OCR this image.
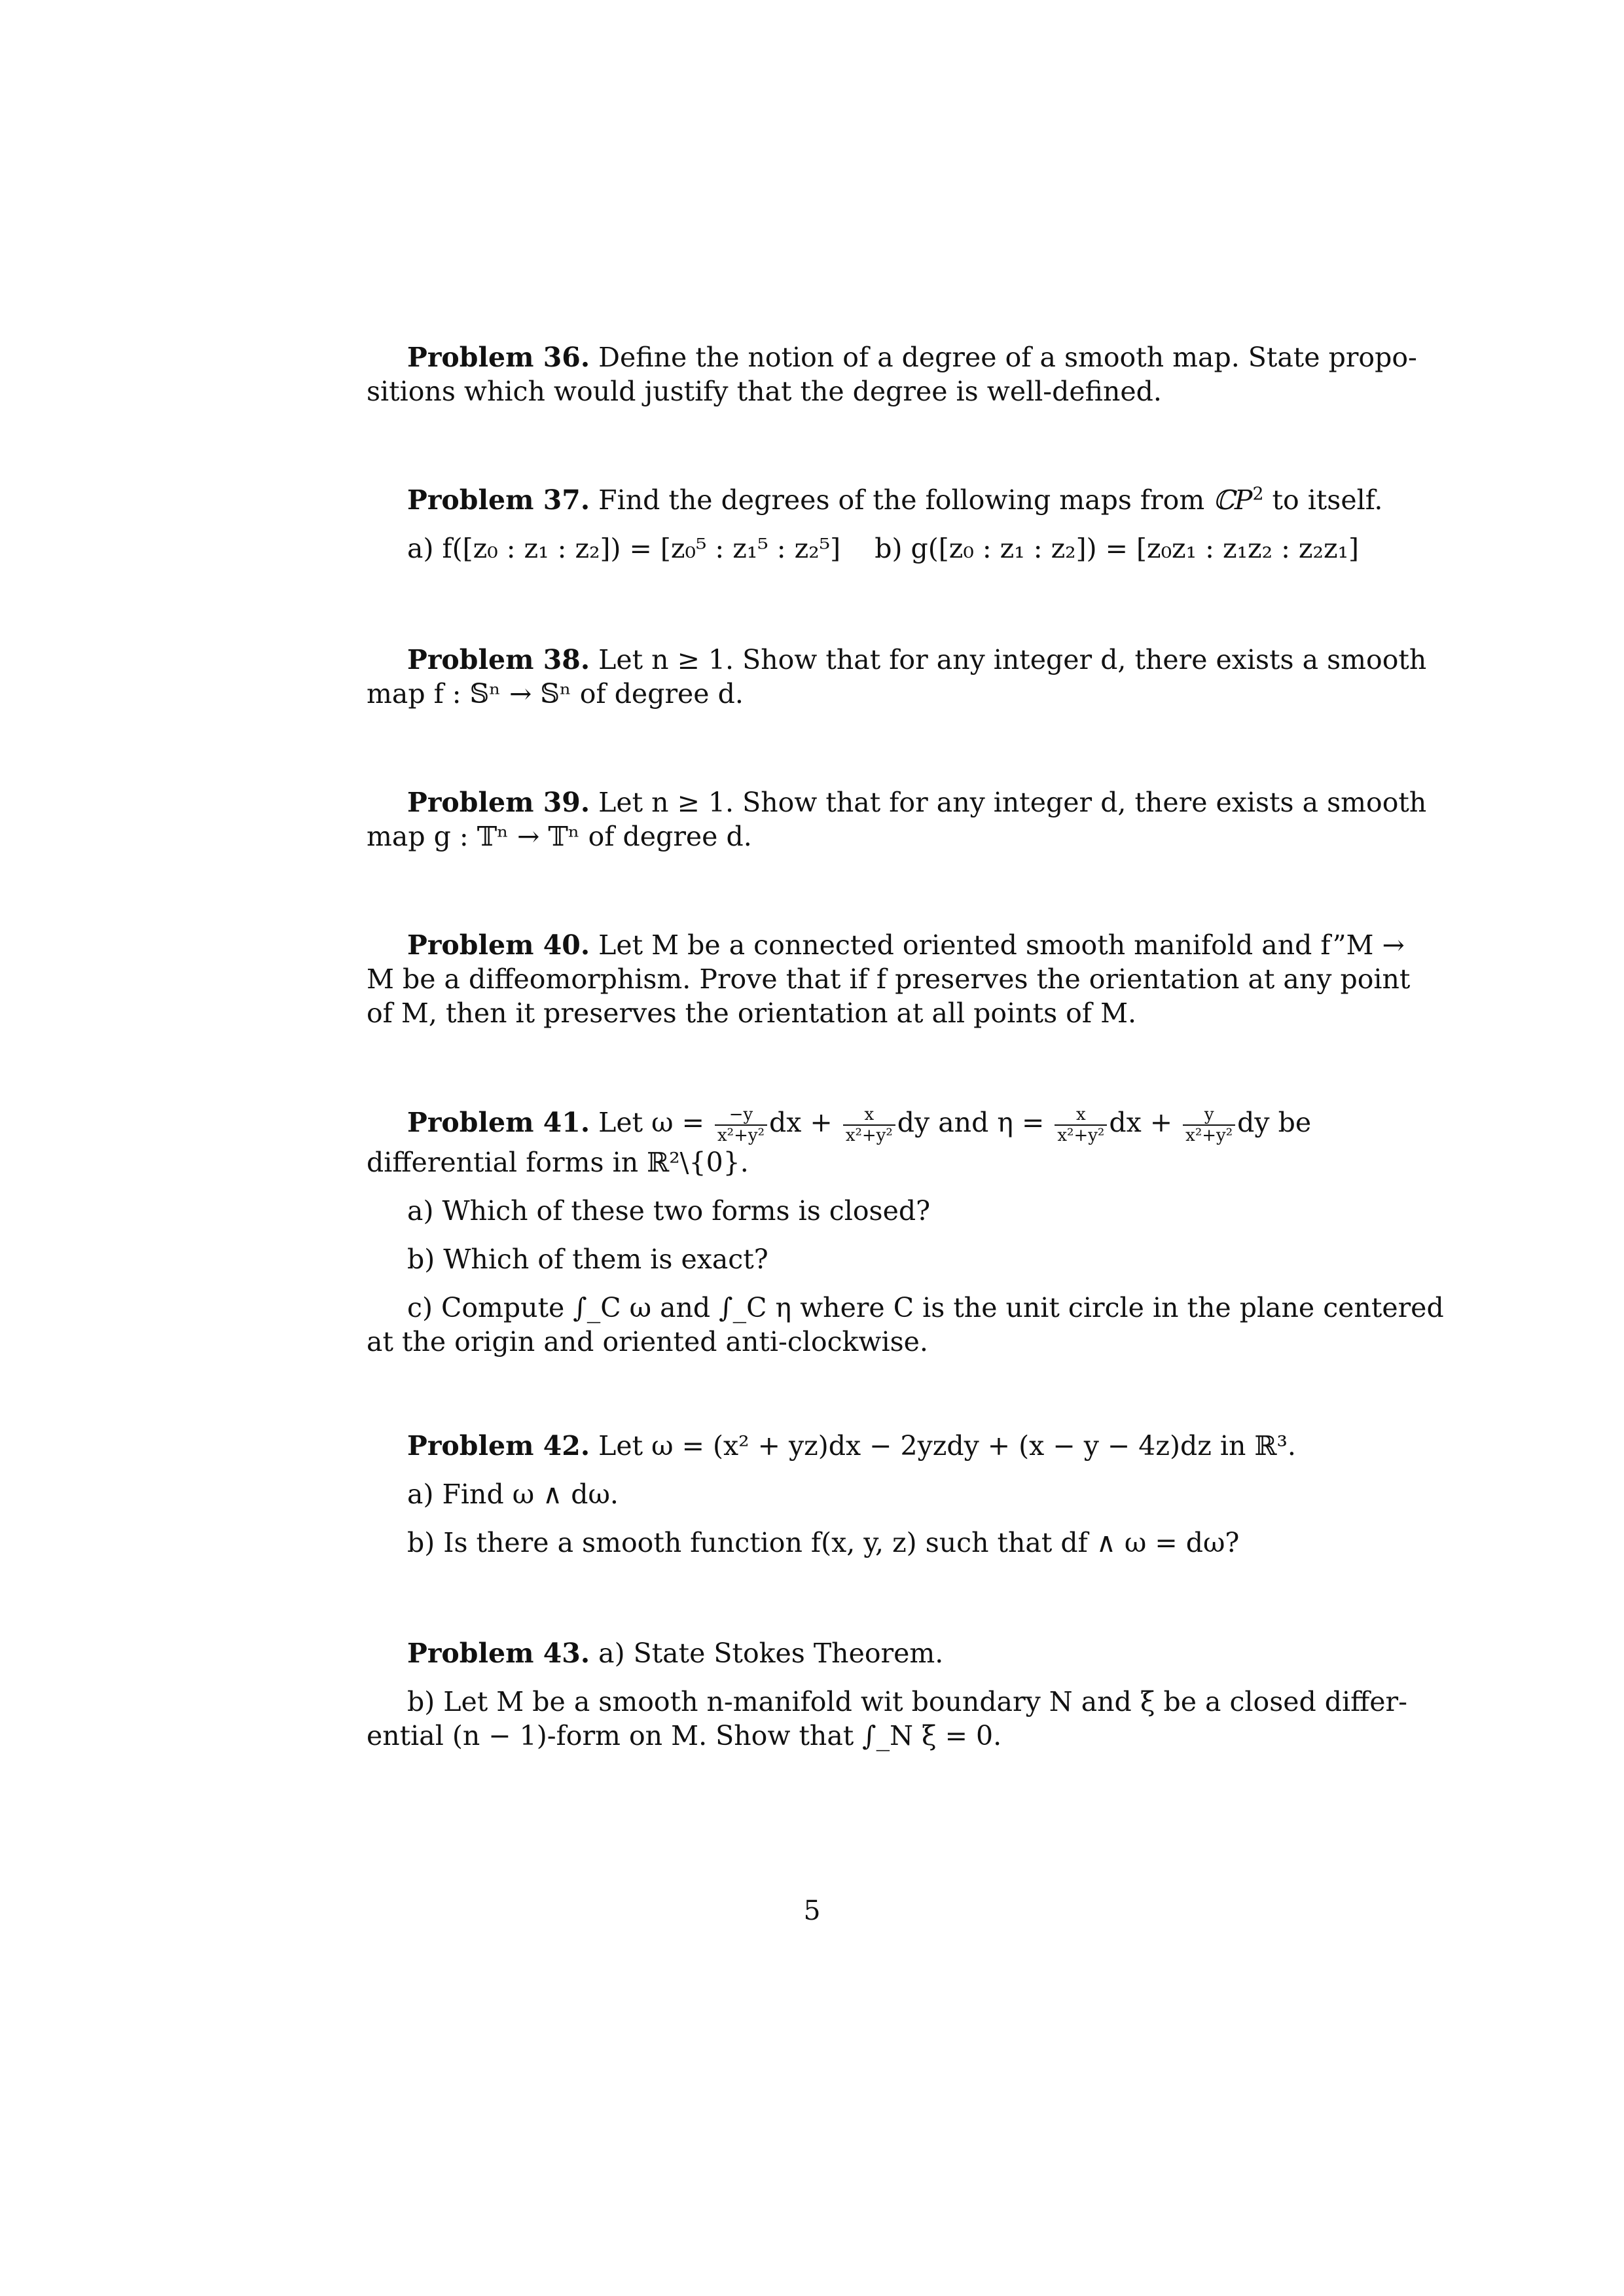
Problem 36. Define the notion of a degree of a smooth map. State propo-
sitions which would justify that the degree is well-defined.
Problem 37. Find the degrees of the following maps from ℂP$^2$ to itself.
a) f([z₀ : z₁ : z₂]) = [z₀⁵ : z₁⁵ : z₂⁵] b) g([z₀ : z₁ : z₂]) = [z₀z₁ : z₁z₂ : z₂z₁]
Problem 38. Let n ≥ 1. Show that for any integer d, there exists a smooth
map f : 𝕊ⁿ → 𝕊ⁿ of degree d.
Problem 39. Let n ≥ 1. Show that for any integer d, there exists a smooth
map g : 𝕋ⁿ → 𝕋ⁿ of degree d.
Problem 40. Let M be a connected oriented smooth manifold and f”M →
M be a diffeomorphism. Prove that if f preserves the orientation at any point
of M, then it preserves the orientation at all points of M.
Problem 41. Let $\omega = \frac{-y}{\text{x²+y²}}$ dx + $\frac{x}{\text{x²+y²}}$ dy and $\eta = \frac{x}{\text{x²+y²}}$ dx + $\frac{y}{\text{x²+y²}}$ dy be
differential forms in ℝ²\{0}.
a) Which of these two forms is closed?
b) Which of them is exact?
c) Compute ∫_C ω and ∫_C η where C is the unit circle in the plane centered
at the origin and oriented anti-clockwise.
Problem 42. Let ω = (x² + yz)dx − 2yzdy + (x − y − 4z)dz in ℝ³.
a) Find ω ∧ dω.
b) Is there a smooth function f(x, y, z) such that df ∧ ω = dω?
Problem 43. a) State Stokes Theorem.
b) Let M be a smooth n-manifold wit boundary N and ξ be a closed differ-
ential (n − 1)-form on M. Show that ∫_N ξ = 0.
5
